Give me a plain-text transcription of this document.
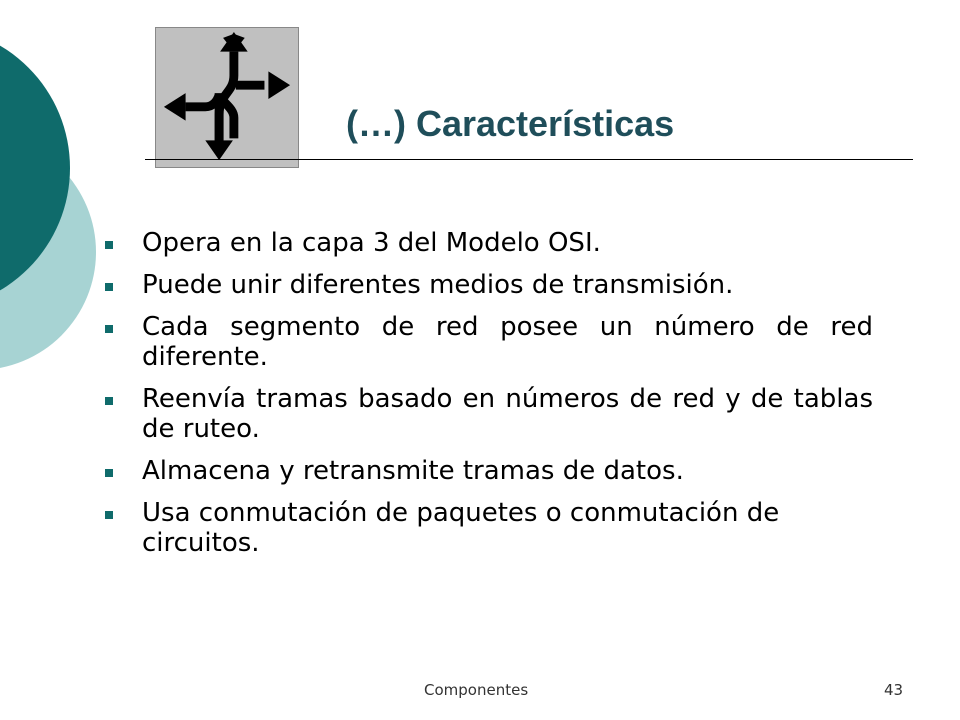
(…) Características
Opera en la capa 3 del Modelo OSI.
Puede unir diferentes medios de transmisión.
Cada segmento de red posee un número de red diferente.
Reenvía tramas basado en números de red y de tablas de ruteo.
Almacena y retransmite tramas de datos.
Usa conmutación de paquetes o conmutación de circuitos.
Componentes	43
